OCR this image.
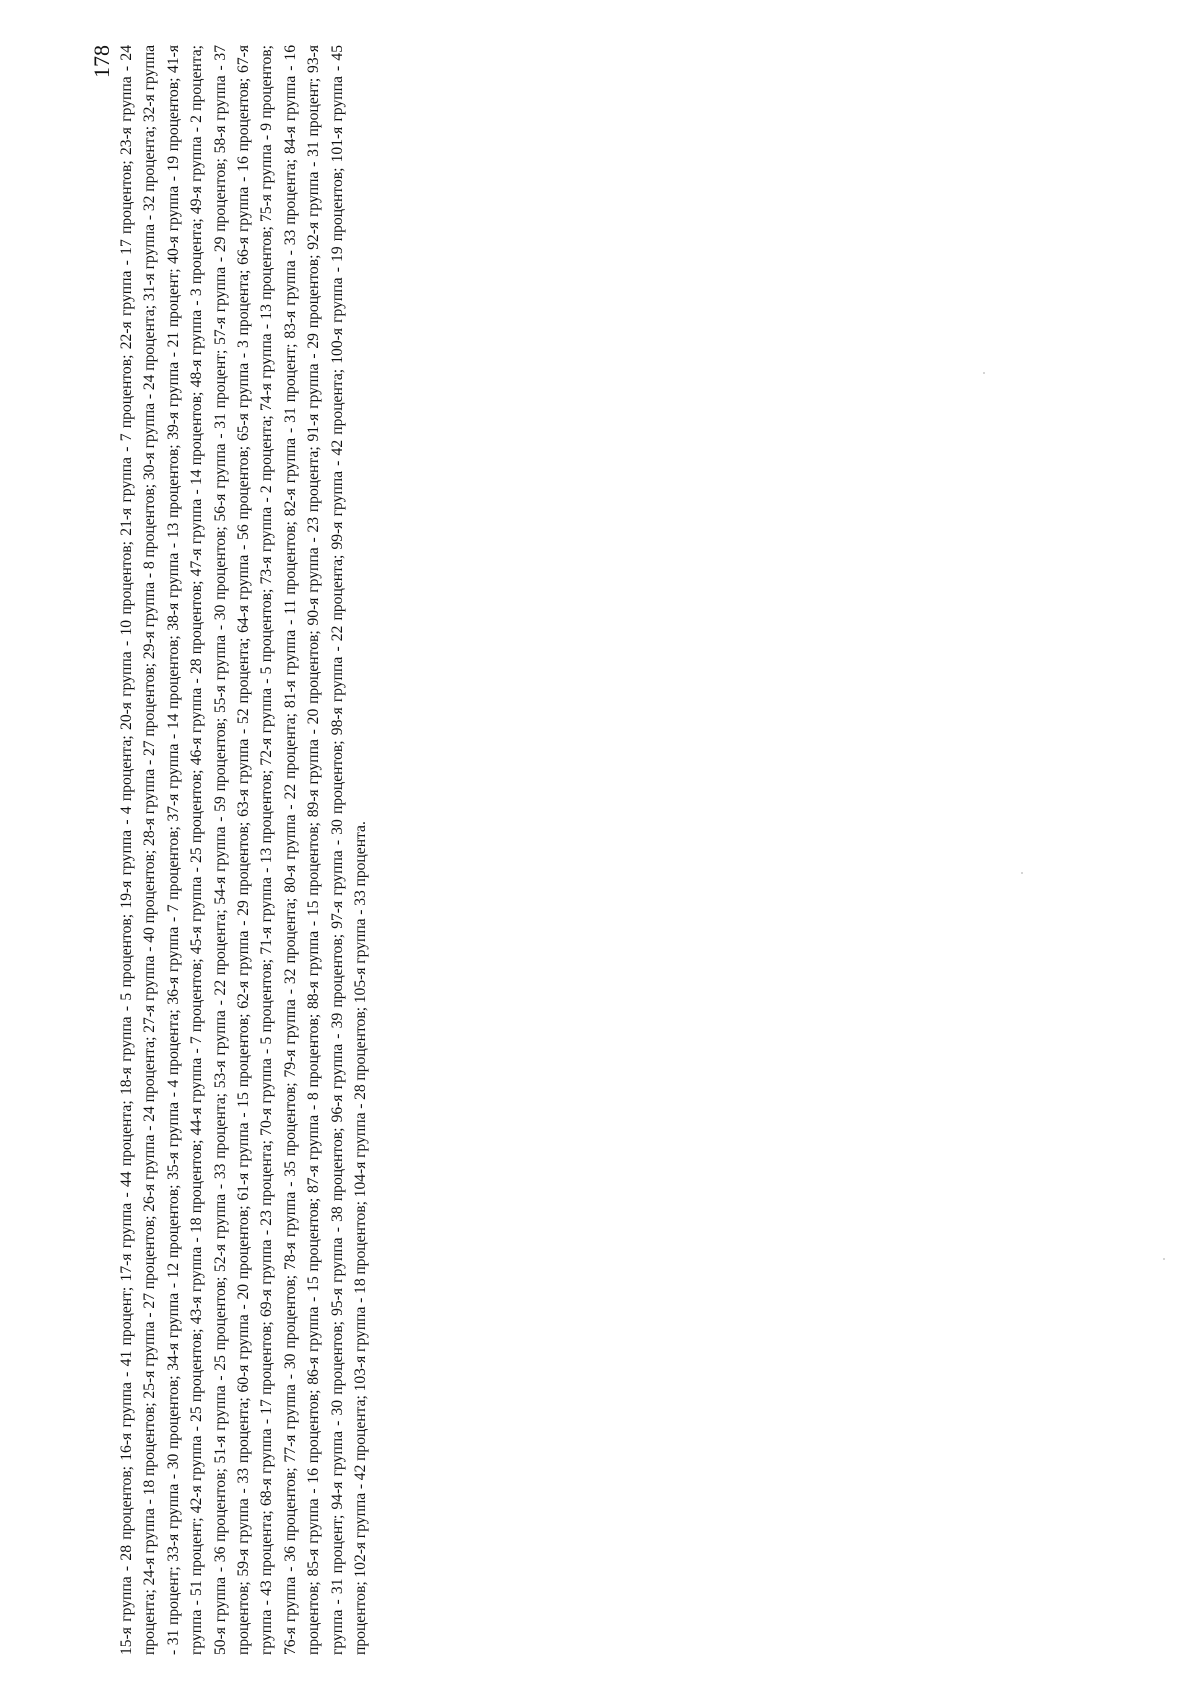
178 15-я группа - 28 процентов; 16-я группа - 41 процент; 17-я группа - 44 процента; 18-я группа - 5 процентов; 19-я группа - 4 процента; 20-я группа - 10 процентов; 21-я группа - 7 процентов; 22-я группа - 17 процентов; 23-я группа - 24 процента; 24-я группа - 18 процентов; 25-я группа - 27 процентов; 26-я группа - 24 процента; 27-я группа - 40 процентов; 28-я группа - 27 процентов; 29-я группа - 8 процентов; 30-я группа - 24 процента; 31-я группа - 32 процента; 32-я группа - 31 процент; 33-я группа - 30 процентов; 34-я группа - 12 процентов; 35-я группа - 4 процента; 36-я группа - 7 процентов; 37-я группа - 14 процентов; 38-я группа - 13 процентов; 39-я группа - 21 процент; 40-я группа - 19 процентов; 41-я группа - 51 процент; 42-я группа - 25 процентов; 43-я группа - 18 процентов; 44-я группа - 7 процентов; 45-я группа - 25 процентов; 46-я группа - 28 процентов; 47-я группа - 14 процентов; 48-я группа - 3 процента; 49-я группа - 2 процента; 50-я группа - 36 процентов; 51-я группа - 25 процентов; 52-я группа - 33 процента; 53-я группа - 22 процента; 54-я группа - 59 процентов; 55-я группа - 30 процентов; 56-я группа - 31 процент; 57-я группа - 29 процентов; 58-я группа - 37 процентов; 59-я группа - 33 процента; 60-я группа - 20 процентов; 61-я группа - 15 процентов; 62-я группа - 29 процентов; 63-я группа - 52 процента; 64-я группа - 56 процентов; 65-я группа - 3 процента; 66-я группа - 16 процентов; 67-я группа - 43 процента; 68-я группа - 17 процентов; 69-я группа - 23 процента; 70-я группа - 5 процентов; 71-я группа - 13 процентов; 72-я группа - 5 процентов; 73-я группа - 2 процента; 74-я группа - 13 процентов; 75-я группа - 9 процентов; 76-я группа - 36 процентов; 77-я группа - 30 процентов; 78-я группа - 35 процентов; 79-я группа - 32 процента; 80-я группа - 22 процента; 81-я группа - 11 процентов; 82-я группа - 31 процент; 83-я группа - 33 процента; 84-я группа - 16 процентов; 85-я группа - 16 процентов; 86-я группа - 15 процентов; 87-я группа - 8 процентов; 88-я группа - 15 процентов; 89-я группа - 20 процентов; 90-я группа - 23 процента; 91-я группа - 29 процентов; 92-я группа - 31 процент; 93-я группа - 31 процент; 94-я группа - 30 процентов; 95-я группа - 38 процентов; 96-я группа - 39 процентов; 97-я группа - 30 процентов; 98-я группа - 22 процента; 99-я группа - 42 процента; 100-я группа - 19 процентов; 101-я группа - 45 процентов; 102-я группа - 42 процента; 103-я группа - 18 процентов; 104-я группа - 28 процентов; 105-я группа - 33 процента.
